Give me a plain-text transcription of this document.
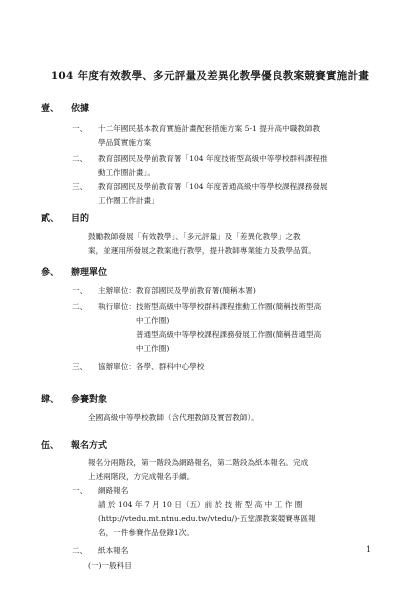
104 年度有效教學、多元評量及差異化教學優良教案競賽實施計畫
壹、 依據
一、 十二年國民基本教育實施計畫配套措施方案 5-1 提升高中職教師教
學品質實施方案
二、 教育部國民及學前教育署「104 年度技術型高級中等學校群科課程推
動工作圈計畫」。
三、 教育部國民及學前教育署「104 年度普通高級中等學校課程課務發展
工作圈工作計畫」
貳、 目的
鼓勵教師發展「有效教學」、「多元評量」及「差異化教學」之教
案，並運用所發展之教案進行教學，提升教師專業能力及教學品質。
參、 辦理單位
一、 主辦單位：教育部國民及學前教育署(簡稱本署)
二、 執行單位：技術型高級中等學校群科課程推動工作圈(簡稱技術型高
　　　　　中工作圈)
　　　　　普通型高級中等學校課程課務發展工作圈(簡稱普通型高
　　　　　中工作圈)
三、 協辦單位：各學、群科中心學校
肆、 參賽對象
全國高級中等學校教師（含代理教師及實習教師）。
伍、 報名方式
報名分兩階段，第一階段為網路報名，第二階段為紙本報名。完成
上述兩階段，方完成報名手續。
一、 網路報名
請 於 104 年 7 月 10 日（五）前 於 技 術 型 高 中 工 作 圈
(http://vtedu.mt.ntnu.edu.tw/vtedu/)-五堂課教案競賽專區報
名，一件參賽作品登錄1次。
二、 紙本報名
(一)一般科目
1
